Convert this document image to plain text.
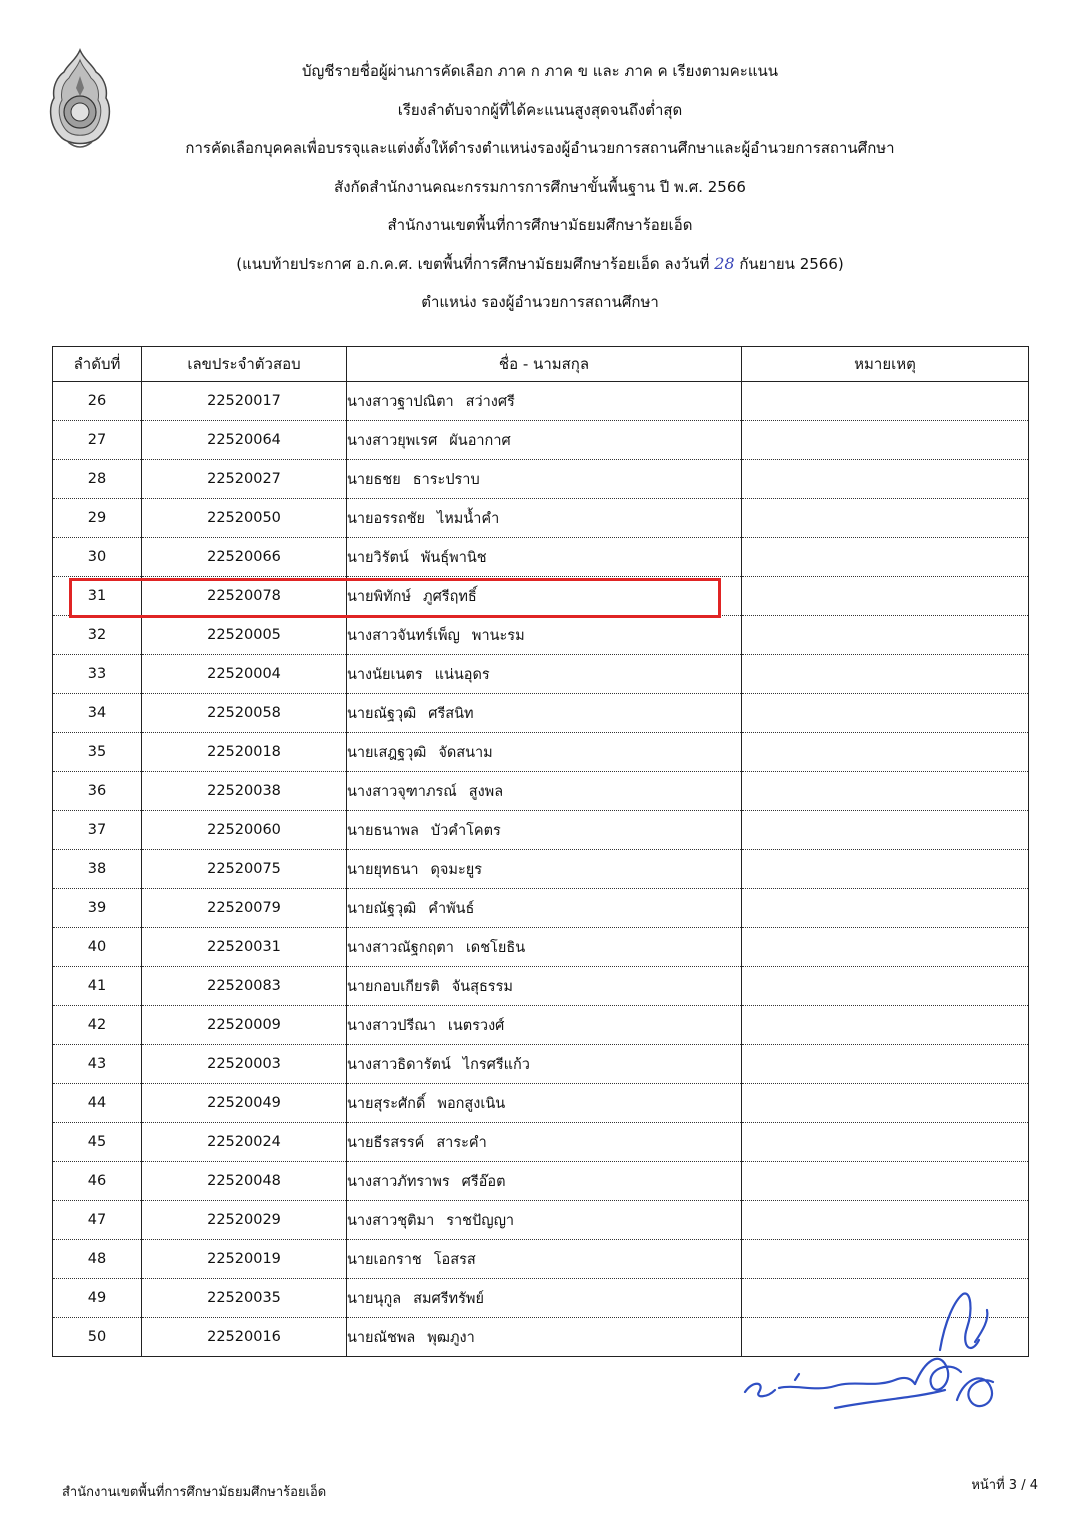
บัญชีรายชื่อผู้ผ่านการคัดเลือก ภาค ก ภาค ข และ ภาค ค เรียงตามคะแนน
เรียงลำดับจากผู้ที่ได้คะแนนสูงสุดจนถึงต่ำสุด
การคัดเลือกบุคคลเพื่อบรรจุและแต่งตั้งให้ดำรงตำแหน่งรองผู้อำนวยการสถานศึกษาและผู้อำนวยการสถานศึกษา
สังกัดสำนักงานคณะกรรมการการศึกษาขั้นพื้นฐาน ปี พ.ศ. 2566
สำนักงานเขตพื้นที่การศึกษามัธยมศึกษาร้อยเอ็ด
(แนบท้ายประกาศ อ.ก.ค.ศ. เขตพื้นที่การศึกษามัธยมศึกษาร้อยเอ็ด ลงวันที่ 28 กันยายน 2566)
ตำแหน่ง รองผู้อำนวยการสถานศึกษา
ลำดับที่	เลขประจำตัวสอบ	ชื่อ - นามสกุล	หมายเหตุ
26	22520017	นางสาวฐาปณิตา สว่างศรี	
27	22520064	นางสาวยุพเรศ ผันอากาศ	
28	22520027	นายธชย ธาระปราบ	
29	22520050	นายอรรถชัย ไหมน้ำคำ	
30	22520066	นายวิรัตน์ พันธุ์พานิช	
31	22520078	นายพิทักษ์ ภูศรีฤทธิ์	
32	22520005	นางสาวจันทร์เพ็ญ พานะรม	
33	22520004	นางนัยเนตร แน่นอุดร	
34	22520058	นายณัฐวุฒิ ศรีสนิท	
35	22520018	นายเสฎฐวุฒิ จัดสนาม	
36	22520038	นางสาวจุฑาภรณ์ สูงพล	
37	22520060	นายธนาพล บัวคำโคตร	
38	22520075	นายยุทธนา ดุจมะยูร	
39	22520079	นายณัฐวุฒิ คำพันธ์	
40	22520031	นางสาวณัฐกฤตา เดชโยธิน	
41	22520083	นายกอบเกียรติ จันสุธรรม	
42	22520009	นางสาวปรีณา เนตรวงศ์	
43	22520003	นางสาวธิดารัตน์ ไกรศรีแก้ว	
44	22520049	นายสุระศักดิ์ พอกสูงเนิน	
45	22520024	นายธีรสรรค์ สาระคำ	
46	22520048	นางสาวภัทราพร ศรีอ๊อต	
47	22520029	นางสาวชุติมา ราชปัญญา	
48	22520019	นายเอกราช โอสรส	
49	22520035	นายนุกูล สมศรีทรัพย์	
50	22520016	นายณัชพล พุฒภูงา	
สำนักงานเขตพื้นที่การศึกษามัธยมศึกษาร้อยเอ็ด	หน้าที่ 3 / 4
